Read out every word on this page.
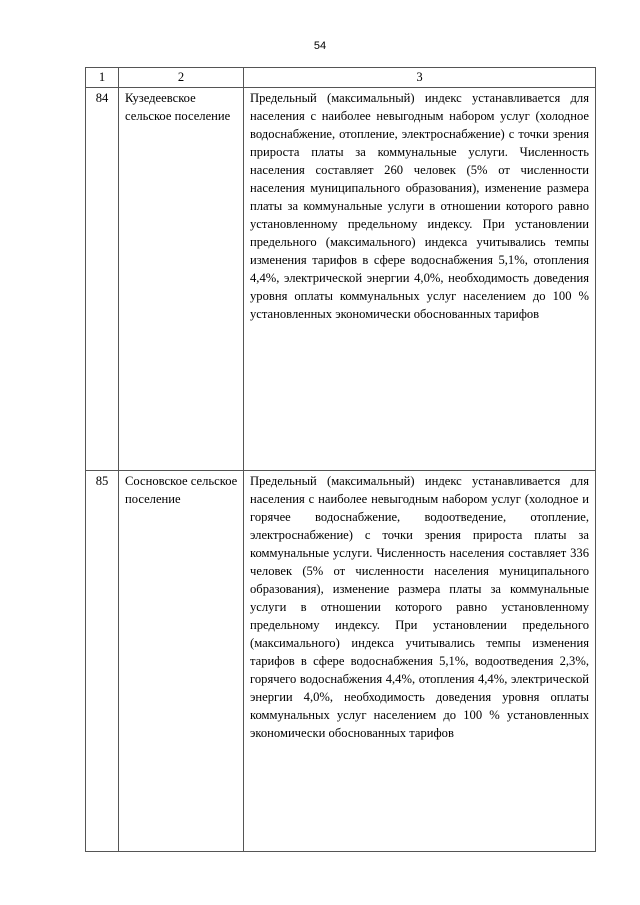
54
1	2	3
84	Кузедеевское сельское поселение	Предельный (максимальный) индекс устанавливается для населения с наиболее невыгодным набором услуг (холодное водоснабжение, отопление, электроснабжение) с точки зрения прироста платы за коммунальные услуги. Численность населения составляет 260 человек (5% от численности населения муниципального образования), изменение размера платы за коммунальные услуги в отношении которого равно установленному предельному индексу. При установлении предельного (максимального) индекса учитывались темпы изменения тарифов в сфере водоснабжения 5,1%, отопления 4,4%, электрической энергии 4,0%, необходимость доведения уровня оплаты коммунальных услуг населением до 100 % установленных экономически обоснованных тарифов
85	Сосновское сельское поселение	Предельный (максимальный) индекс устанавливается для населения с наиболее невыгодным набором услуг (холодное и горячее водоснабжение, водоотведение, отопление, электроснабжение) с точки зрения прироста платы за коммунальные услуги. Численность населения составляет 336 человек (5% от численности населения муниципального образования), изменение размера платы за коммунальные услуги в отношении которого равно установленному предельному индексу. При установлении предельного (максимального) индекса учитывались темпы изменения тарифов в сфере водоснабжения 5,1%, водоотведения 2,3%, горячего водоснабжения 4,4%, отопления 4,4%, электрической энергии 4,0%, необходимость доведения уровня оплаты коммунальных услуг населением до 100 % установленных экономически обоснованных тарифов
